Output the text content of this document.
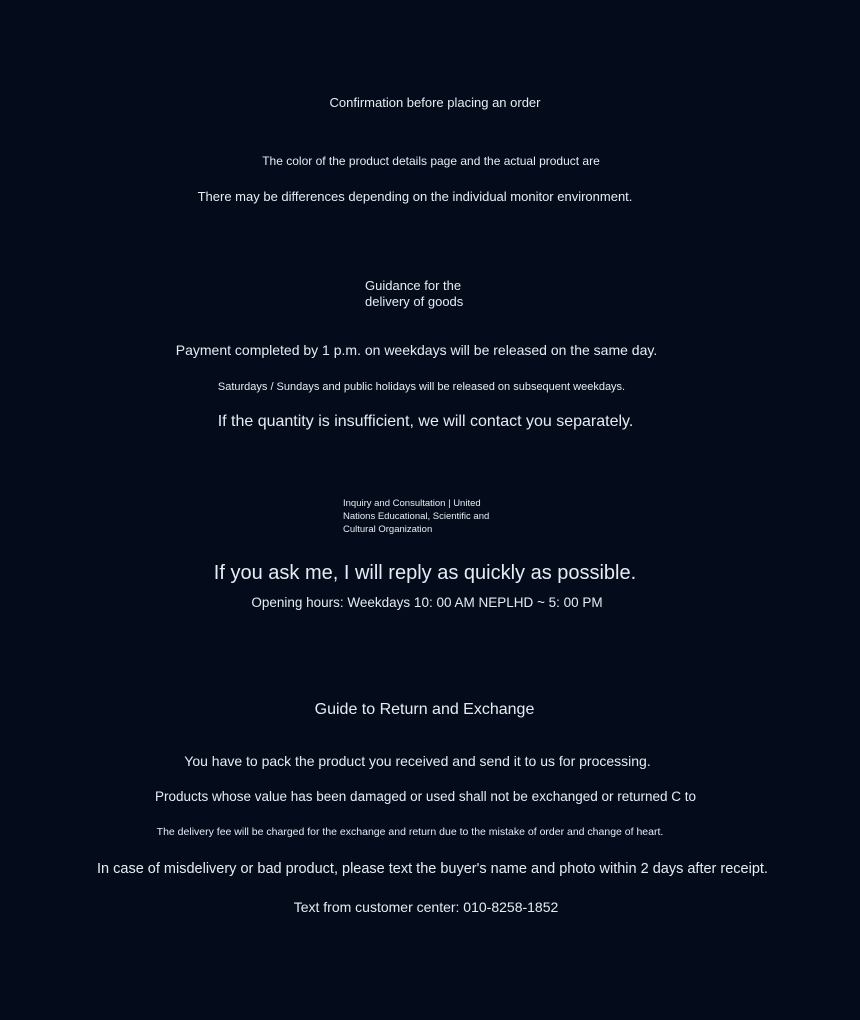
Confirmation before placing an order

The color of the product details page and the actual product are

There may be differences depending on the individual monitor environment.

Guidance for the
delivery of goods

Payment completed by 1 p.m. on weekdays will be released on the same day.

Saturdays / Sundays and public holidays will be released on subsequent weekdays.

If the quantity is insufficient, we will contact you separately.

Inquiry and Consultation | United
Nations Educational, Scientific and
Cultural Organization

If you ask me, I will reply as quickly as possible.

Opening hours: Weekdays 10: 00 AM NEPLHD ~ 5: 00 PM

Guide to Return and Exchange

You have to pack the product you received and send it to us for processing.

Products whose value has been damaged or used shall not be exchanged or returned C to

The delivery fee will be charged for the exchange and return due to the mistake of order and change of heart.

In case of misdelivery or bad product, please text the buyer's name and photo within 2 days after receipt.

Text from customer center: 010-8258-1852
